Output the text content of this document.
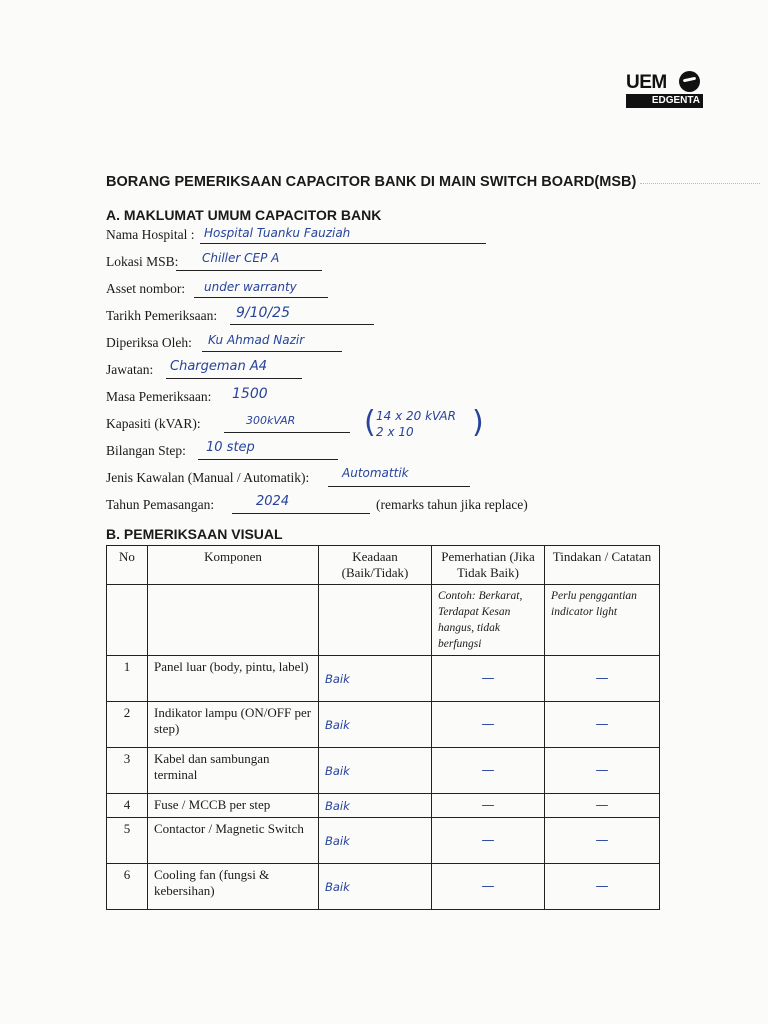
UEM
EDGENTA
BORANG PEMERIKSAAN CAPACITOR BANK DI MAIN SWITCH BOARD(MSB)
A. MAKLUMAT UMUM CAPACITOR BANK
Nama Hospital : Hospital Tuanku Fauziah
Lokasi MSB: Chiller CEP A
Asset nombor: under warranty
Tarikh Pemeriksaan: 9/10/25
Diperiksa Oleh: Ku Ahmad Nazir
Jawatan: Chargeman A4
Masa Pemeriksaan: 1500
Kapasiti (kVAR):	300kVAR ( 14 x 20 kVAR
2 x 10 )
Bilangan Step: 10 step
Jenis Kawalan (Manual / Automatik):	Automattik
Tahun Pemasangan:	2024	(remarks tahun jika replace)
B. PEMERIKSAAN VISUAL
No	Komponen	Keadaan (Baik/Tidak)	Pemerhatian (Jika Tidak Baik)	Tindakan / Catatan
			Contoh: Berkarat, Terdapat Kesan hangus, tidak berfungsi	Perlu penggantian indicator light
1	Panel luar (body, pintu, label)	Baik	—	—

2	Indikator lampu (ON/OFF per step)	Baik	—	—

3	Kabel dan sambungan terminal	Baik	—	—

4	Fuse / MCCB per step	Baik	—	—

5	Contactor / Magnetic Switch	Baik	—	—

6	Cooling fan (fungsi & kebersihan)	Baik	—	—
